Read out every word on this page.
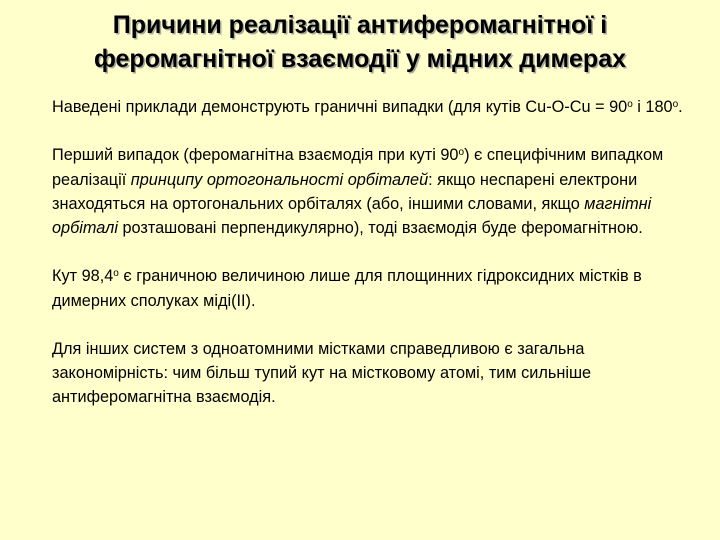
Причини реалізації антиферомагнітної і
феромагнітної взаємодії у мідних димерах

Наведені приклади демонструють граничні випадки (для кутів $Cu-O-Cu = 90^o$ і 180$^o$.

Перший випадок (феромагнітна взаємодія при куті 90$^o$) є специфічним випадком реалізації принципу ортогональності орбіталей: якщо неспарені електрони знаходяться на ортогональних орбіталях (або, іншими словами, якщо магнітні орбіталі розташовані перпендикулярно), тоді взаємодія буде феромагнітною.

Кут 98,4$^o$ є граничною величиною лише для площинних гідроксидних містків в димерних сполуках міді(ІІ).

Для інших систем з одноатомними містками справедливою є загальна закономірність: чим більш тупий кут на містковому атомі, тим сильніше антиферомагнітна взаємодія.
